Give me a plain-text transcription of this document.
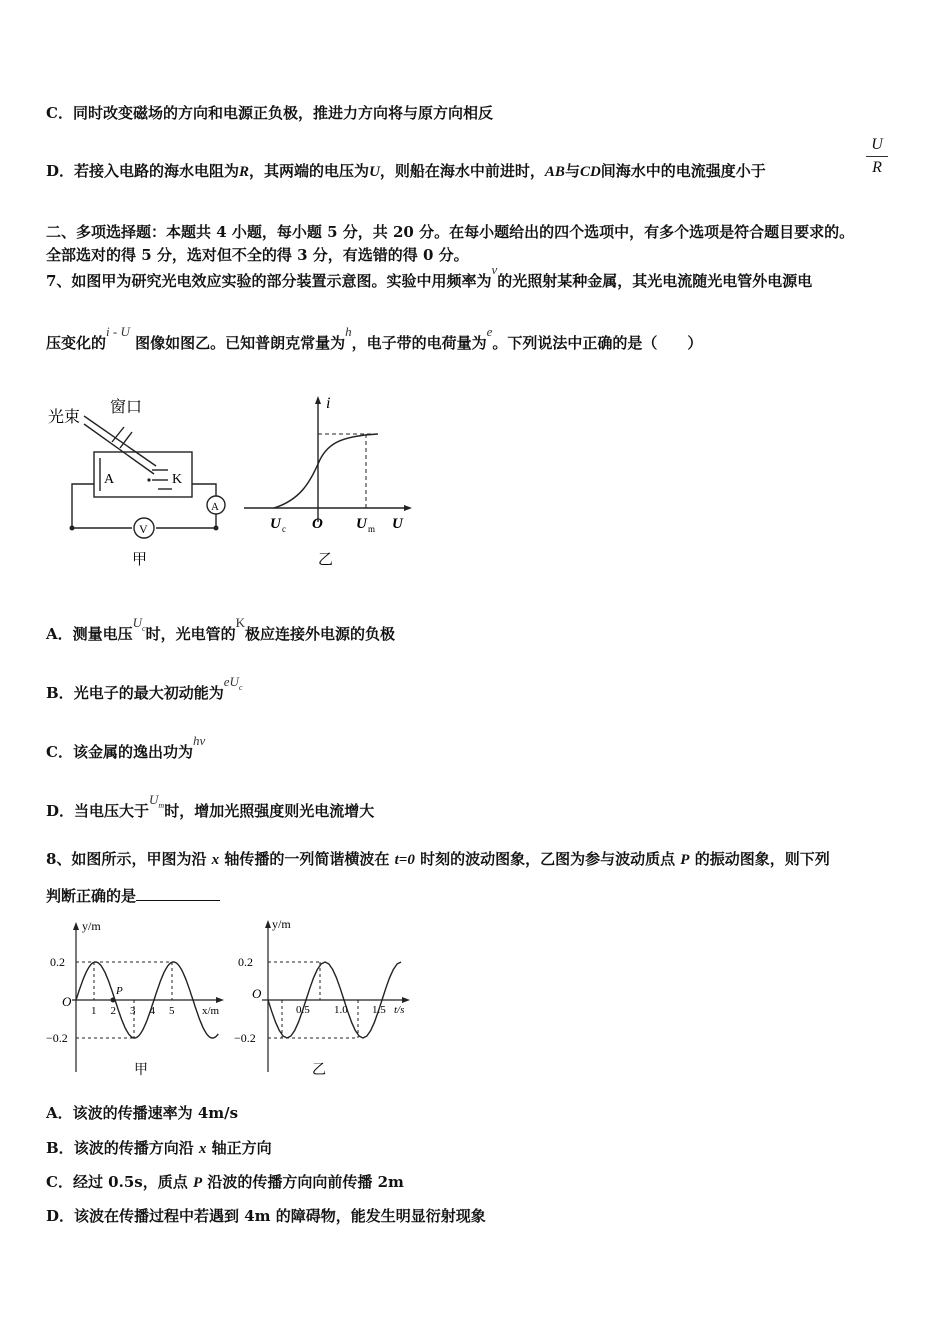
C．同时改变磁场的方向和电源正负极，推进力方向将与原方向相反
D．若接入电路的海水电阻为R，其两端的电压为U，则船在海水中前进时，AB与CD间海水中的电流强度小于
U
R
二、多项选择题：本题共 4 小题，每小题 5 分，共 20 分。在每小题给出的四个选项中，有多个选项是符合题目要求的。
全部选对的得 5 分，选对但不全的得 3 分，有选错的得 0 分。
7、如图甲为研究光电效应实验的部分装置示意图。实验中用频率为ν的光照射某种金属，其光电流随光电管外电源电
压变化的i - U 图像如图乙。已知普朗克常量为h，电子带的电荷量为e。下列说法中正确的是（　　）
光束
窗口
A	K
A
V
甲
i
U c O U m U
乙
A．测量电压$U^c$时，光电管的K极应连接外电源的负极
B．光电子的最大初动能为$eU^c$
C．该金属的逸出功为hν
D．当电压大于$U^m$时，增加光照强度则光电流增大
8、如图所示，甲图为沿 x 轴传播的一列简谐横波在 t=0 时刻的波动图象，乙图为参与波动质点 P 的振动图象，则下列
判断正确的是
y/m
x/m
0.2
−0.2
O
P
1 2 3 4 5
甲
y/m
t/s
0.2
−0.2
O
0.5 1.0 1.5
乙
A．该波的传播速率为 4m/s
B．该波的传播方向沿 x 轴正方向
C．经过 0.5s，质点 P 沿波的传播方向向前传播 2m
D．该波在传播过程中若遇到 4m 的障碍物，能发生明显衍射现象
